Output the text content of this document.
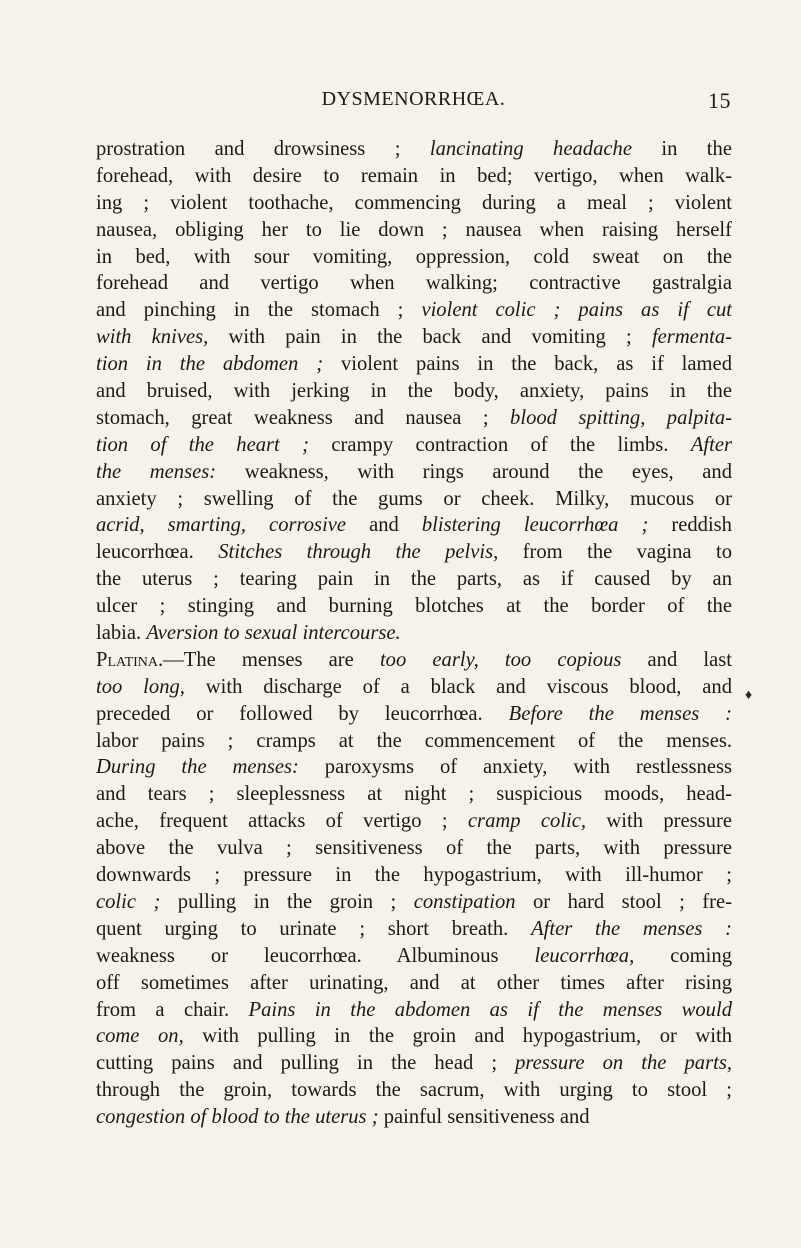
DYSMENORRHŒA.	15
prostration and drowsiness ; lancinating headache in the
forehead, with desire to remain in bed; vertigo, when walk-
ing ; violent toothache, commencing during a meal ; violent
nausea, obliging her to lie down ; nausea when raising herself
in bed, with sour vomiting, oppression, cold sweat on the
forehead and vertigo when walking; contractive gastralgia
and pinching in the stomach ; violent colic ; pains as if cut
with knives, with pain in the back and vomiting ; fermenta-
tion in the abdomen ; violent pains in the back, as if lamed
and bruised, with jerking in the body, anxiety, pains in the
stomach, great weakness and nausea ; blood spitting, palpita-
tion of the heart ; crampy contraction of the limbs. After
the menses: weakness, with rings around the eyes, and
anxiety ; swelling of the gums or cheek. Milky, mucous or
acrid, smarting, corrosive and blistering leucorrhœa ; reddish
leucorrhœa. Stitches through the pelvis, from the vagina to
the uterus ; tearing pain in the parts, as if caused by an
ulcer ; stinging and burning blotches at the border of the
labia. Aversion to sexual intercourse.
Platina.—The menses are too early, too copious and last
too long, with discharge of a black and viscous blood, and
preceded or followed by leucorrhœa. Before the menses :
labor pains ; cramps at the commencement of the menses.
During the menses: paroxysms of anxiety, with restlessness
and tears ; sleeplessness at night ; suspicious moods, head-
ache, frequent attacks of vertigo ; cramp colic, with pressure
above the vulva ; sensitiveness of the parts, with pressure
downwards ; pressure in the hypogastrium, with ill-humor ;
colic ; pulling in the groin ; constipation or hard stool ; fre-
quent urging to urinate ; short breath. After the menses :
weakness or leucorrhœa. Albuminous leucorrhœa, coming
off sometimes after urinating, and at other times after rising
from a chair. Pains in the abdomen as if the menses would
come on, with pulling in the groin and hypogastrium, or with
cutting pains and pulling in the head ; pressure on the parts,
through the groin, towards the sacrum, with urging to stool ;
congestion of blood to the uterus ; painful sensitiveness and
♦
